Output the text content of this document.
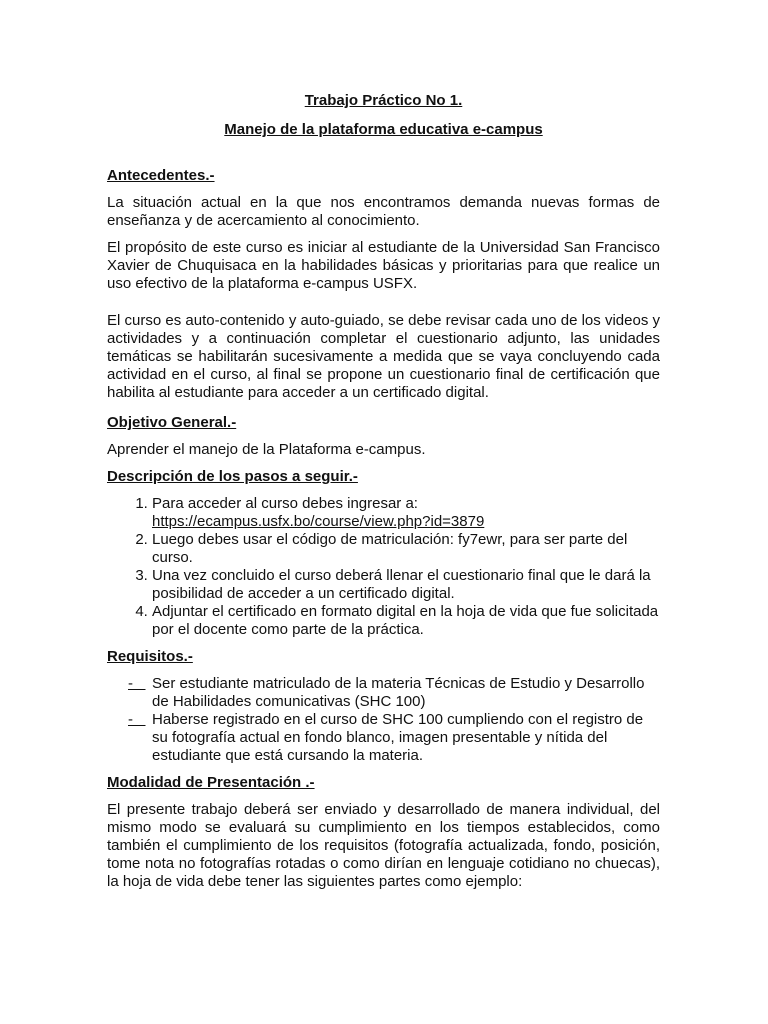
Trabajo Práctico No 1.
Manejo de la plataforma educativa e-campus
Antecedentes.-

La situación actual en la que nos encontramos demanda nuevas formas de enseñanza y de acercamiento al conocimiento.

El propósito de este curso es iniciar al estudiante de la Universidad San Francisco Xavier de Chuquisaca en la habilidades básicas y prioritarias para que realice un uso efectivo de la plataforma e-campus USFX.

El curso es auto-contenido y auto-guiado, se debe revisar cada uno de los videos y actividades y a continuación completar el cuestionario adjunto, las unidades temáticas se habilitarán sucesivamente a medida que se vaya concluyendo cada actividad en el curso, al final se propone un cuestionario final de certificación que habilita al estudiante para acceder a un certificado digital.

Objetivo General.-

Aprender el manejo de la Plataforma e-campus.

Descripción de los pasos a seguir.-
1. Para acceder al curso debes ingresar a:
https://ecampus.usfx.bo/course/view.php?id=3879
2. Luego debes usar el código de matriculación: fy7ewr, para ser parte del curso.
3. Una vez concluido el curso deberá llenar el cuestionario final que le dará la posibilidad de acceder a un certificado digital.
4. Adjuntar el certificado en formato digital en la hoja de vida que fue solicitada por el docente como parte de la práctica.
Requisitos.-
- Ser estudiante matriculado de la materia Técnicas de Estudio y Desarrollo de Habilidades comunicativas (SHC 100)
- Haberse registrado en el curso de SHC 100 cumpliendo con el registro de su fotografía actual en fondo blanco, imagen presentable y nítida del estudiante que está cursando la materia.
Modalidad de Presentación .-

El presente trabajo deberá ser enviado y desarrollado de manera individual, del mismo modo se evaluará su cumplimiento en los tiempos establecidos, como también el cumplimiento de los requisitos (fotografía actualizada, fondo, posición, tome nota no fotografías rotadas o como dirían en lenguaje cotidiano no chuecas), la hoja de vida debe tener las siguientes partes como ejemplo:
